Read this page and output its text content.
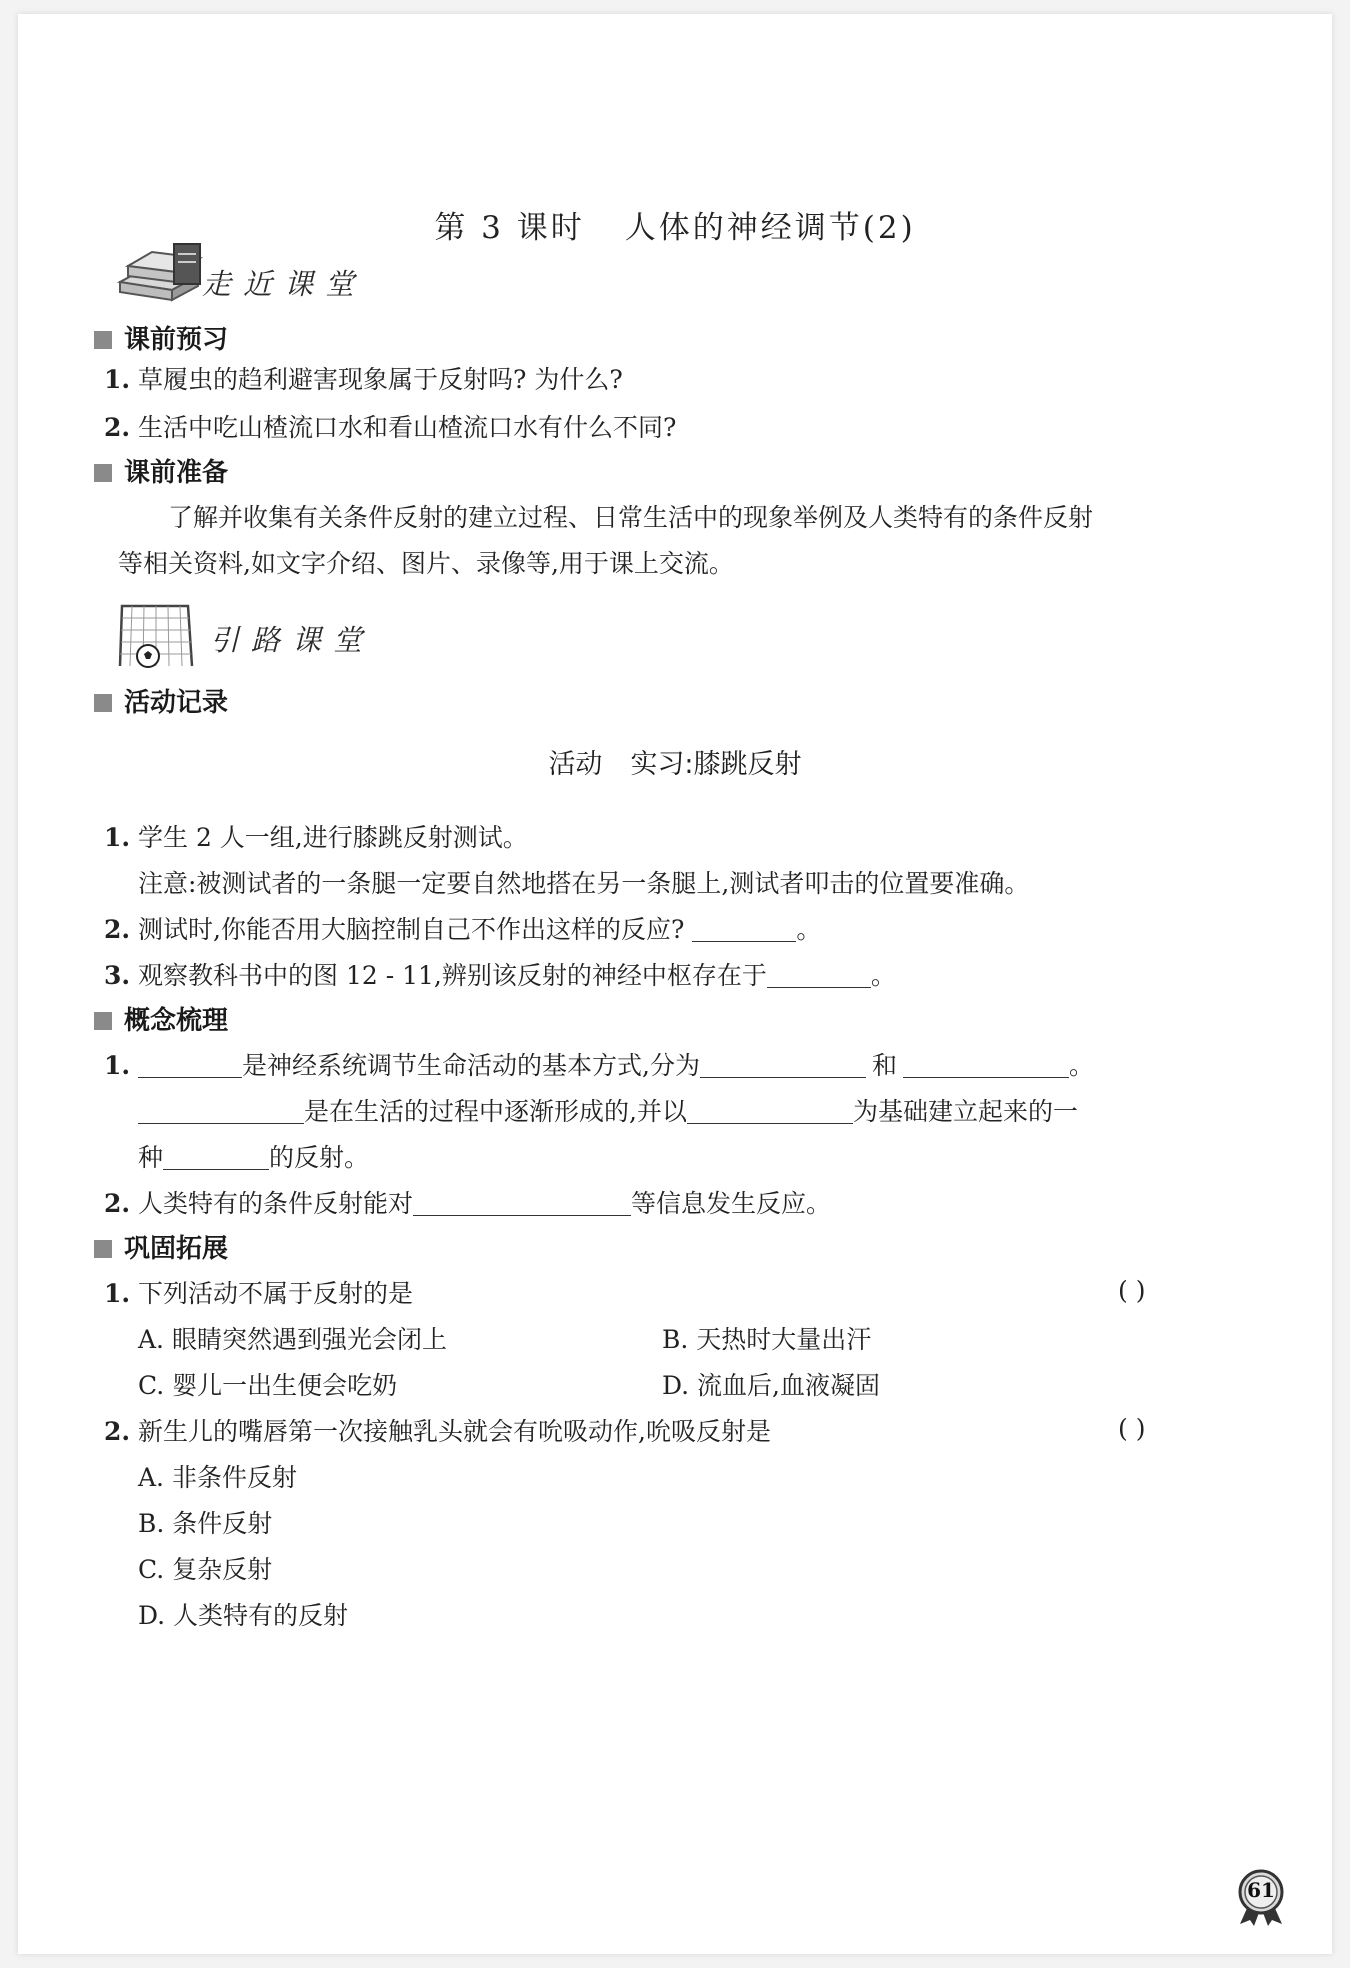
第 3 课时 人体的神经调节(2)
走近课堂
课前预习
1. 草履虫的趋利避害现象属于反射吗? 为什么?
2. 生活中吃山楂流口水和看山楂流口水有什么不同?
课前准备
了解并收集有关条件反射的建立过程、日常生活中的现象举例及人类特有的条件反射
等相关资料,如文字介绍、图片、录像等,用于课上交流。
引路课堂
活动记录
活动 实习:膝跳反射
1. 学生 2 人一组,进行膝跳反射测试。
注意:被测试者的一条腿一定要自然地搭在另一条腿上,测试者叩击的位置要准确。
2. 测试时,你能否用大脑控制自己不作出这样的反应?	。
3. 观察教科书中的图 12 - 11,辨别该反射的神经中枢存在于	。
概念梳理
1.	是神经系统调节生命活动的基本方式,分为	和	。
是在生活的过程中逐渐形成的,并以	为基础建立起来的一
种	的反射。
2. 人类特有的条件反射能对	等信息发生反应。
巩固拓展
1. 下列活动不属于反射的是	( )
A. 眼睛突然遇到强光会闭上	B. 天热时大量出汗
C. 婴儿一出生便会吃奶	D. 流血后,血液凝固
2. 新生儿的嘴唇第一次接触乳头就会有吮吸动作,吮吸反射是	( )
A. 非条件反射
B. 条件反射
C. 复杂反射
D. 人类特有的反射
61
